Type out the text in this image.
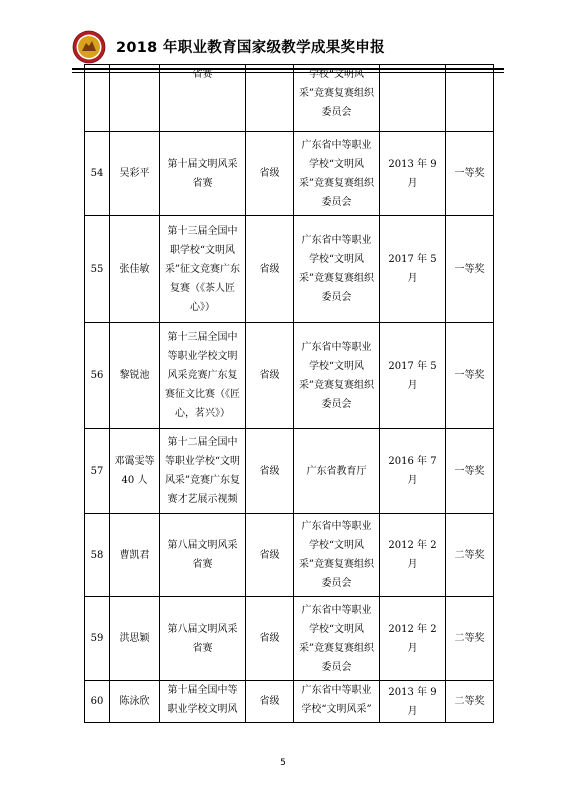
2018 年职业教育国家级教学成果奖申报
		省赛		学校“文明风采”竞赛复赛组织委员会		
54	吴彩平	第十届文明风采省赛	省级	广东省中等职业学校“文明风采”竞赛复赛组织委员会	2013 年 9 月	一等奖
55	张佳敏	第十三届全国中职学校“文明风采”征文竞赛广东复赛（《茶人匠心》）	省级	广东省中等职业学校“文明风采”竞赛复赛组织委员会	2017 年 5 月	一等奖
56	黎锐池	第十三届全国中等职业学校文明风采竞赛广东复赛征文比赛（《匠心，茗兴》）	省级	广东省中等职业学校“文明风采”竞赛复赛组织委员会	2017 年 5 月	一等奖
57	邓霭雯等 40 人	第十二届全国中等职业学校“文明风采”竞赛广东复赛才艺展示视频	省级	广东省教育厅	2016 年 7 月	一等奖
58	曹凯君	第八届文明风采省赛	省级	广东省中等职业学校“文明风采”竞赛复赛组织委员会	2012 年 2 月	二等奖
59	洪思颖	第八届文明风采省赛	省级	广东省中等职业学校“文明风采”竞赛复赛组织委员会	2012 年 2 月	二等奖
60	陈泳欣	第十届全国中等职业学校文明风	省级	广东省中等职业学校“文明风采”	2013 年 9 月	二等奖
5
